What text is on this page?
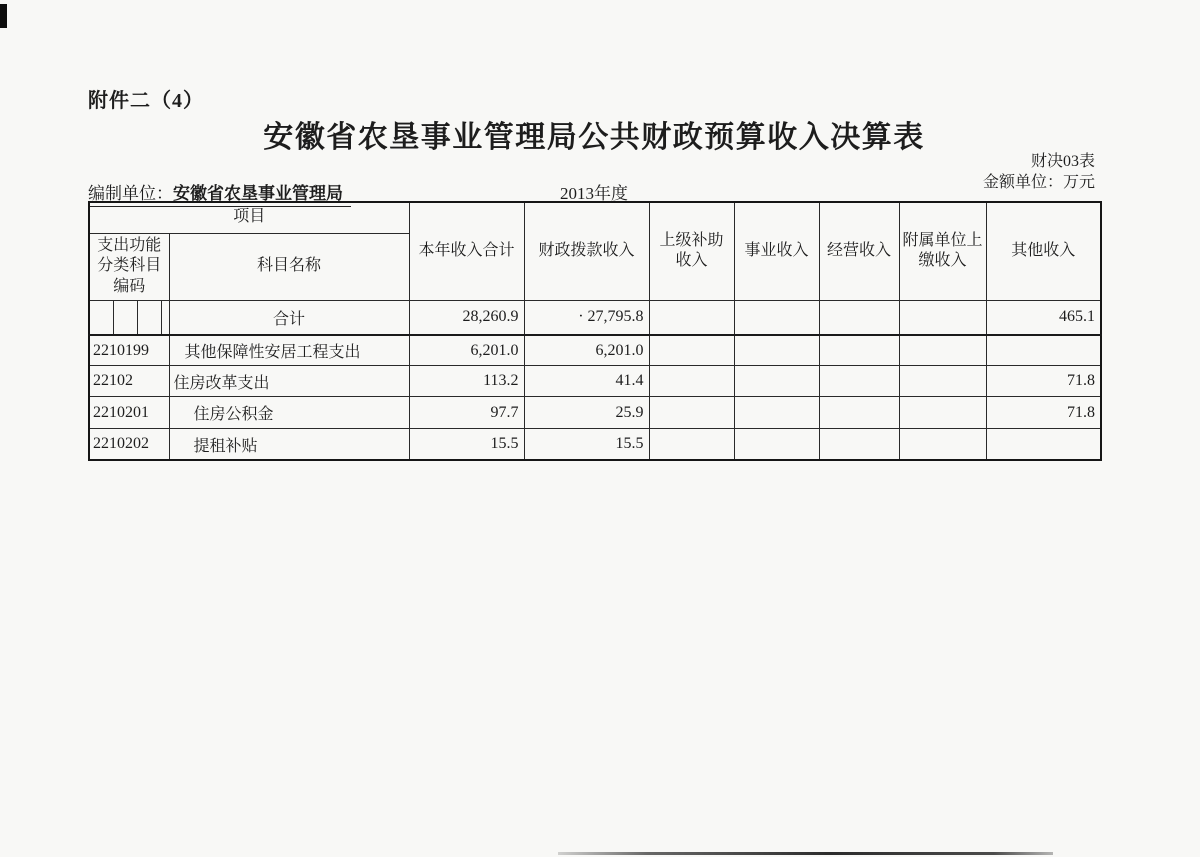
附件二（4）
安徽省农垦事业管理局公共财政预算收入决算表
财决03表
金额单位：万元
编制单位：安徽省农垦事业管理局	2013年度
项目		本年收入合计	财政拨款收入	上级补助收入	事业收入	经营收入	附属单位上缴收入	其他收入
支出功能分类科目编码	科目名称							

	合计	28,260.9	· 27,795.8					465.1
2210199	其他保障性安居工程支出	6,201.0	6,201.0					
22102	住房改革支出	113.2	41.4					71.8
2210201	住房公积金	97.7	25.9					71.8
2210202	提租补贴	15.5	15.5					
